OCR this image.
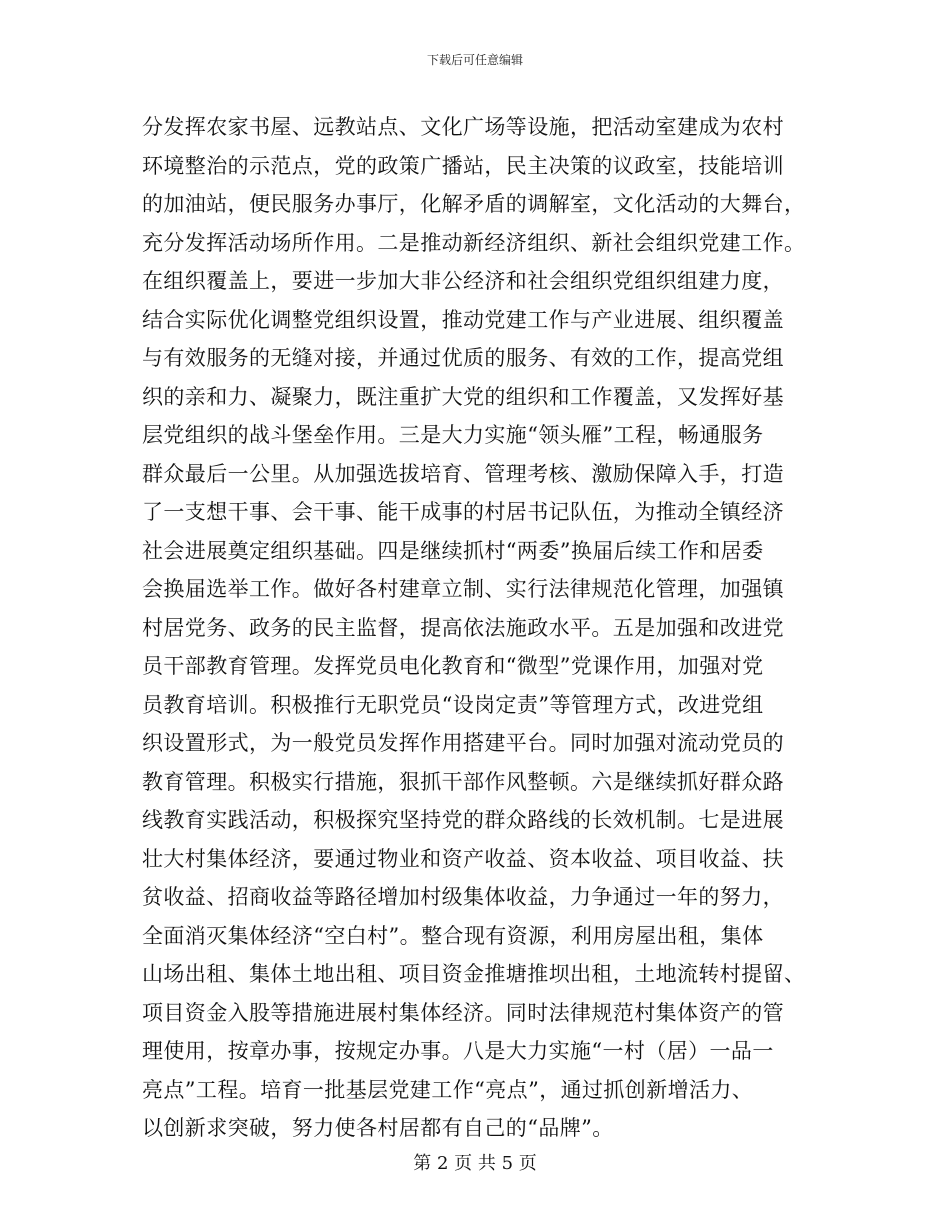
下载后可任意编辑
分发挥农家书屋、远教站点、文化广场等设施，把活动室建成为农村
环境整治的示范点，党的政策广播站，民主决策的议政室，技能培训
的加油站，便民服务办事厅，化解矛盾的调解室，文化活动的大舞台，
充分发挥活动场所作用。二是推动新经济组织、新社会组织党建工作。
在组织覆盖上，要进一步加大非公经济和社会组织党组织组建力度，
结合实际优化调整党组织设置，推动党建工作与产业进展、组织覆盖
与有效服务的无缝对接，并通过优质的服务、有效的工作，提高党组
织的亲和力、凝聚力，既注重扩大党的组织和工作覆盖，又发挥好基
层党组织的战斗堡垒作用。三是大力实施“领头雁”工程，畅通服务
群众最后一公里。从加强选拔培育、管理考核、激励保障入手，打造
了一支想干事、会干事、能干成事的村居书记队伍，为推动全镇经济
社会进展奠定组织基础。四是继续抓村“两委”换届后续工作和居委
会换届选举工作。做好各村建章立制、实行法律规范化管理，加强镇
村居党务、政务的民主监督，提高依法施政水平。五是加强和改进党
员干部教育管理。发挥党员电化教育和“微型”党课作用，加强对党
员教育培训。积极推行无职党员“设岗定责”等管理方式，改进党组
织设置形式，为一般党员发挥作用搭建平台。同时加强对流动党员的
教育管理。积极实行措施，狠抓干部作风整顿。六是继续抓好群众路
线教育实践活动，积极探究坚持党的群众路线的长效机制。七是进展
壮大村集体经济，要通过物业和资产收益、资本收益、项目收益、扶
贫收益、招商收益等路径增加村级集体收益，力争通过一年的努力，
全面消灭集体经济“空白村”。整合现有资源，利用房屋出租，集体
山场出租、集体土地出租、项目资金推塘推坝出租，土地流转村提留、
项目资金入股等措施进展村集体经济。同时法律规范村集体资产的管
理使用，按章办事，按规定办事。八是大力实施“一村（居）一品一
亮点”工程。培育一批基层党建工作“亮点”，通过抓创新增活力、
以创新求突破，努力使各村居都有自己的“品牌”。
第 2 页 共 5 页
